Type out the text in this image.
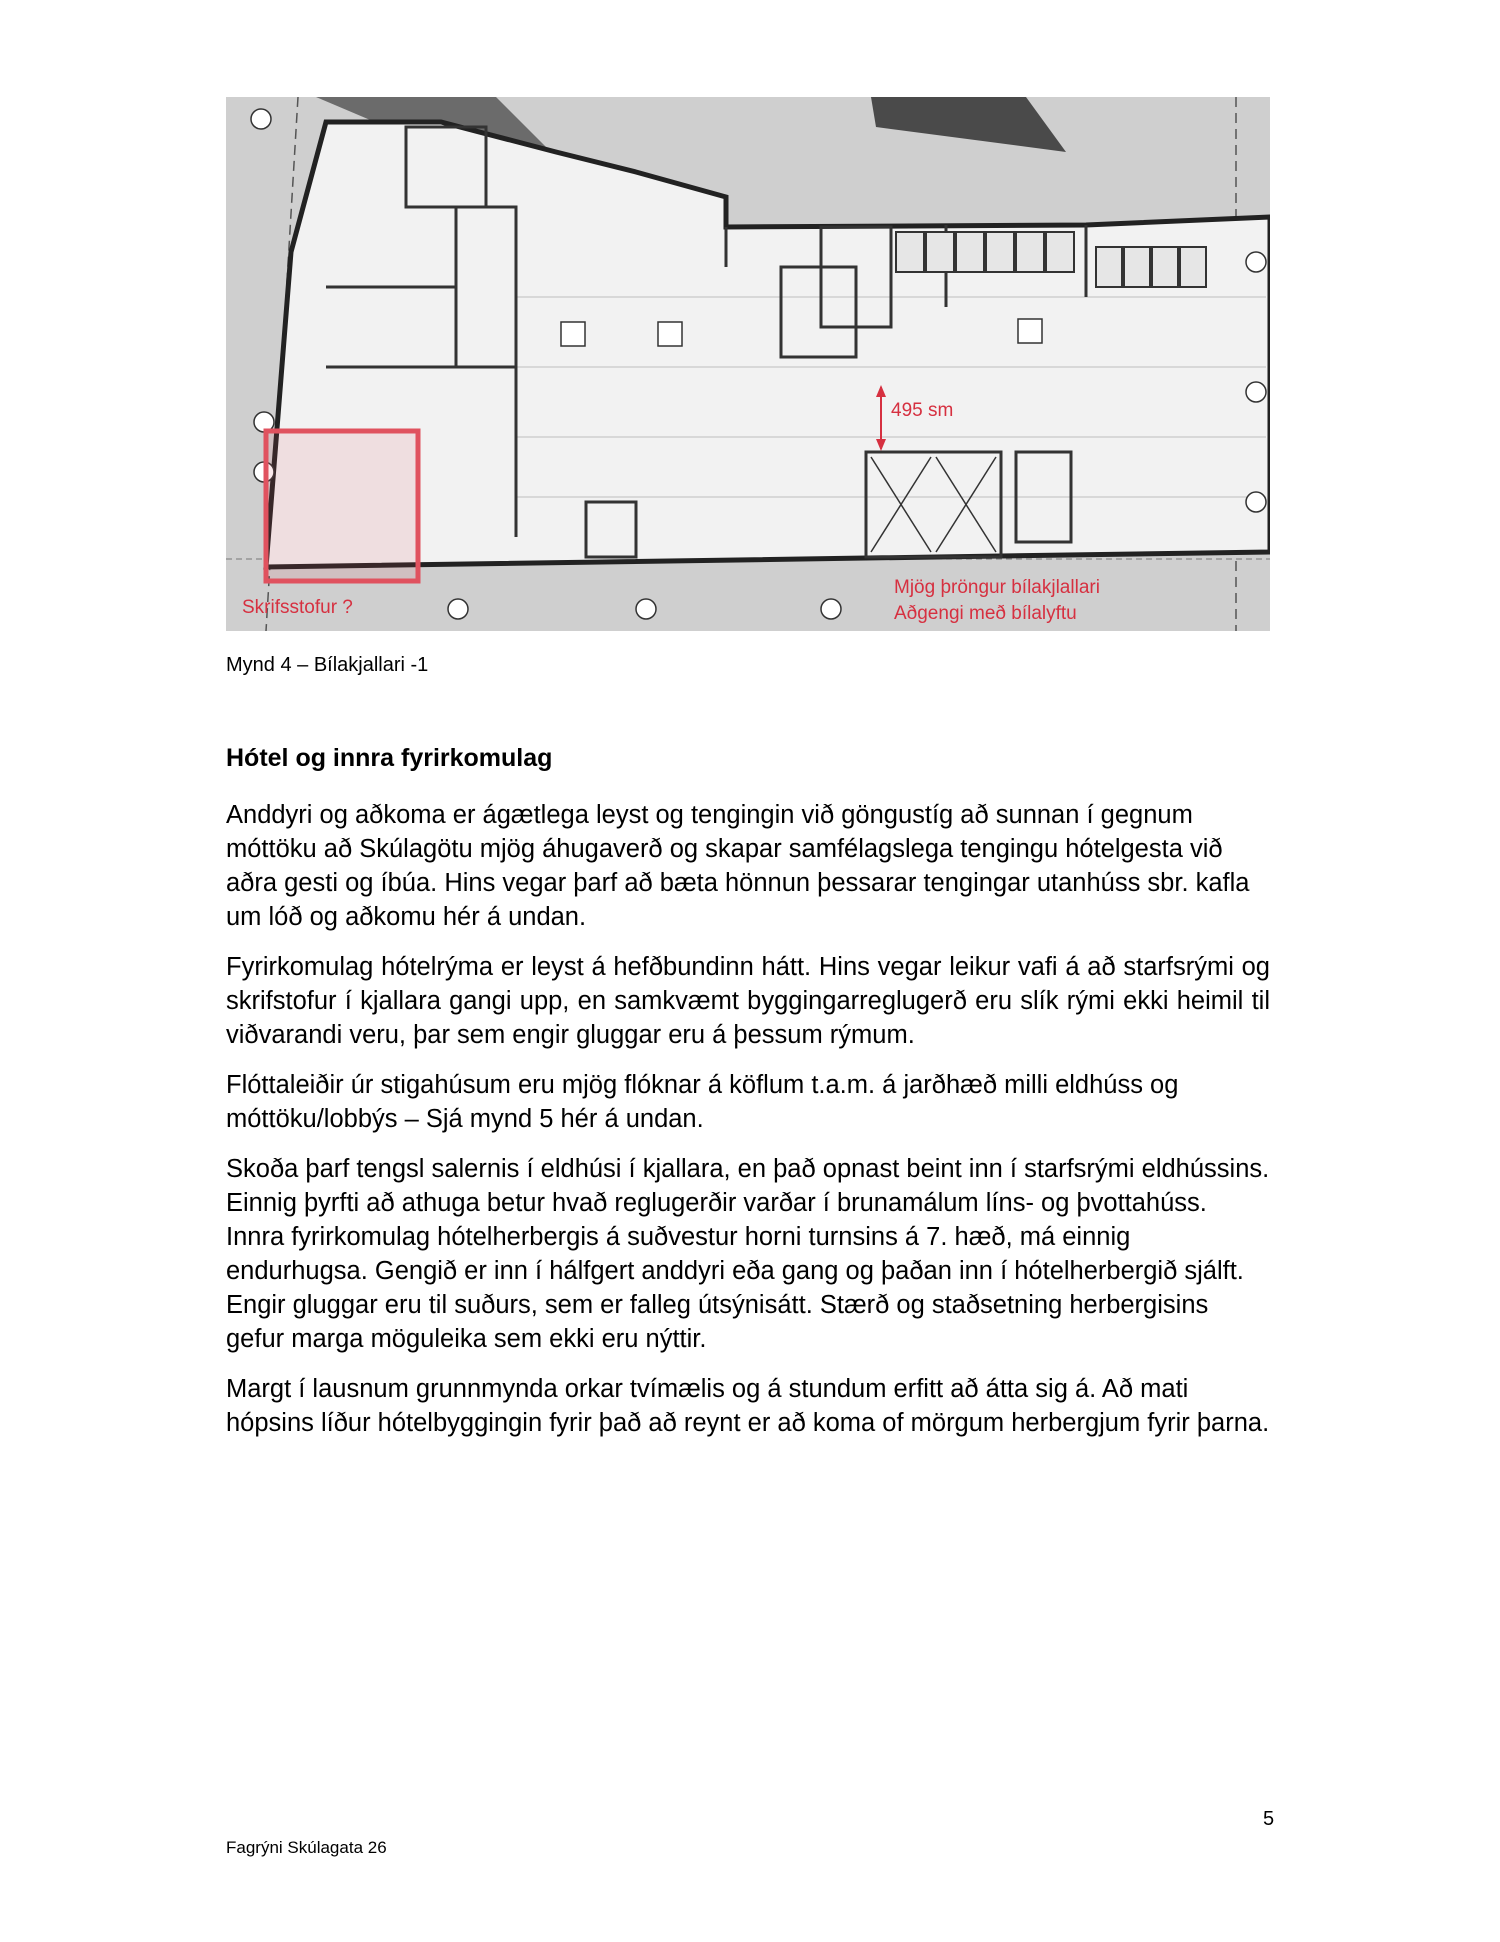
495 sm
Skrifsstofur ?
Mjög þröngur bílakjlallari
Aðgengi með bílalyftu
Mynd 4 – Bílakjallari -1
Hótel og innra fyrirkomulag

Anddyri og aðkoma er ágætlega leyst og tengingin við göngustíg að sunnan í gegnum móttöku að Skúlagötu mjög áhugaverð og skapar samfélagslega tengingu hótelgesta við aðra gesti og íbúa. Hins vegar þarf að bæta hönnun þessarar tengingar utanhúss sbr. kafla um lóð og aðkomu hér á undan.

Fyrirkomulag hótelrýma er leyst á hefðbundinn hátt. Hins vegar leikur vafi á að starfsrými og skrifstofur í kjallara gangi upp, en samkvæmt byggingarreglugerð eru slík rými ekki heimil til viðvarandi veru, þar sem engir gluggar eru á þessum rýmum.

Flóttaleiðir úr stigahúsum eru mjög flóknar á köflum t.a.m. á jarðhæð milli eldhúss og móttöku/lobbýs – Sjá mynd 5 hér á undan.

Skoða þarf tengsl salernis í eldhúsi í kjallara, en það opnast beint inn í starfsrými eldhússins. Einnig þyrfti að athuga betur hvað reglugerðir varðar í brunamálum líns- og þvottahúss. Innra fyrirkomulag hótelherbergis á suðvestur horni turnsins á 7. hæð, má einnig endurhugsa. Gengið er inn í hálfgert anddyri eða gang og þaðan inn í hótelherbergið sjálft. Engir gluggar eru til suðurs, sem er falleg útsýnisátt. Stærð og staðsetning herbergisins gefur marga möguleika sem ekki eru nýttir.

Margt í lausnum grunnmynda orkar tvímælis og á stundum erfitt að átta sig á. Að mati hópsins líður hótelbyggingin fyrir það að reynt er að koma of mörgum herbergjum fyrir þarna.

5
Fagrýni Skúlagata 26
